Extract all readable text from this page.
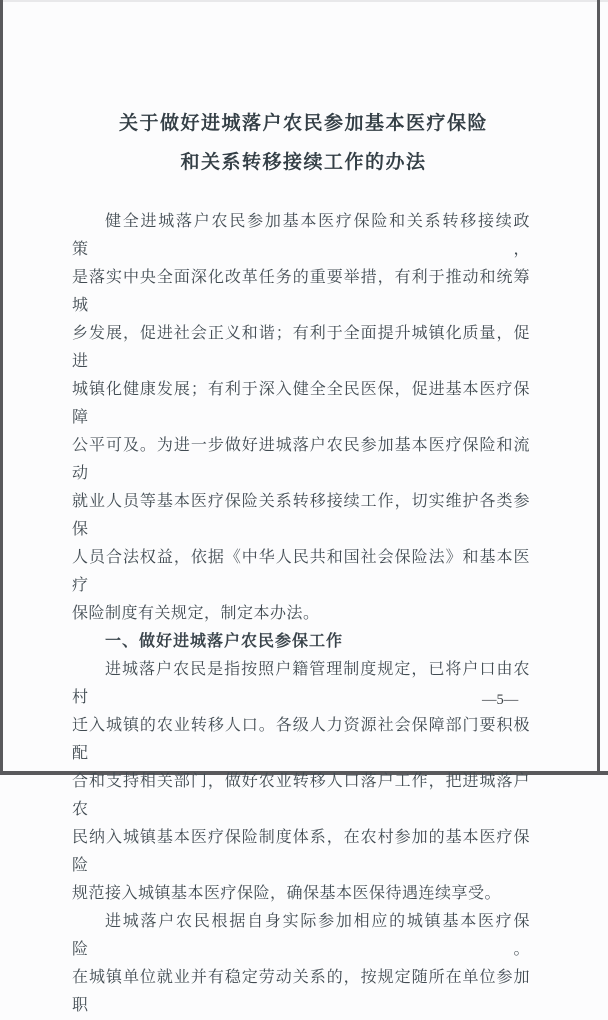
关于做好进城落户农民参加基本医疗保险
和关系转移接续工作的办法
健全进城落户农民参加基本医疗保险和关系转移接续政策，
是落实中央全面深化改革任务的重要举措，有利于推动和统筹城
乡发展，促进社会正义和谐；有利于全面提升城镇化质量，促进
城镇化健康发展；有利于深入健全全民医保，促进基本医疗保障
公平可及。为进一步做好进城落户农民参加基本医疗保险和流动
就业人员等基本医疗保险关系转移接续工作，切实维护各类参保
人员合法权益，依据《中华人民共和国社会保险法》和基本医疗
保险制度有关规定，制定本办法。
一、做好进城落户农民参保工作
进城落户农民是指按照户籍管理制度规定，已将户口由农村
迁入城镇的农业转移人口。各级人力资源社会保障部门要积极配
合和支持相关部门，做好农业转移人口落户工作，把进城落户农
民纳入城镇基本医疗保险制度体系，在农村参加的基本医疗保险
规范接入城镇基本医疗保险，确保基本医保待遇连续享受。
进城落户农民根据自身实际参加相应的城镇基本医疗保险。
在城镇单位就业并有稳定劳动关系的，按规定随所在单位参加职
—5—
